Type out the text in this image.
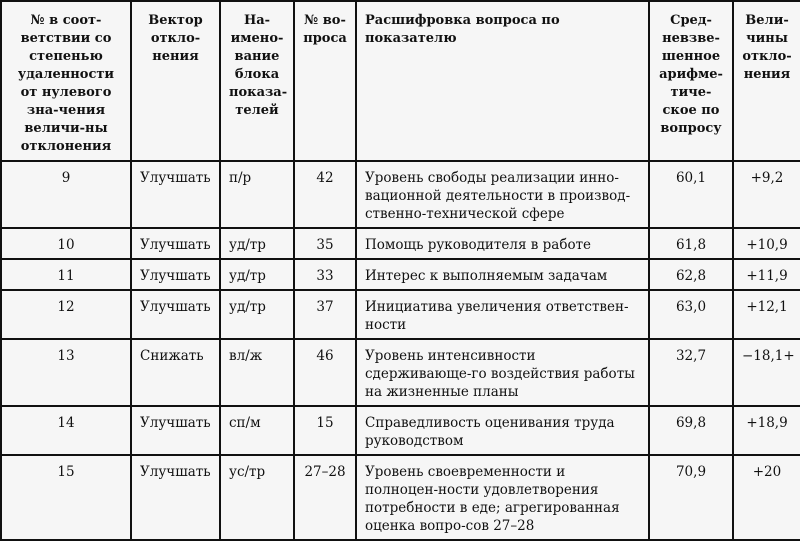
№ в соот-ветствии со степенью удаленности от нулевого зна-чения величи-ны отклонения	Вектор откло-нения	На-имено-вание блока показа-телей	№ во-проса	Расшифровка вопроса по показателю	Сред-невзве-шенное арифме-тиче-ское по вопросу	Вели-чины откло-нения
9	Улучшать	п/р	42	Уровень свободы реализации инно-вационной деятельности в производ-ственно-технической сфере	60,1	+9,2
10	Улучшать	уд/тр	35	Помощь руководителя в работе	61,8	+10,9
11	Улучшать	уд/тр	33	Интерес к выполняемым задачам	62,8	+11,9
12	Улучшать	уд/тр	37	Инициатива увеличения ответствен-ности	63,0	+12,1
13	Снижать	вл/ж	46	Уровень интенсивности сдерживающе-го воздействия работы на жизненные планы	32,7	−18,1+
14	Улучшать	сп/м	15	Справедливость оценивания труда руководством	69,8	+18,9
15	Улучшать	ус/тр	27–28	Уровень своевременности и полноцен-ности удовлетворения потребности в еде; агрегированная оценка вопро-сов 27–28	70,9	+20
